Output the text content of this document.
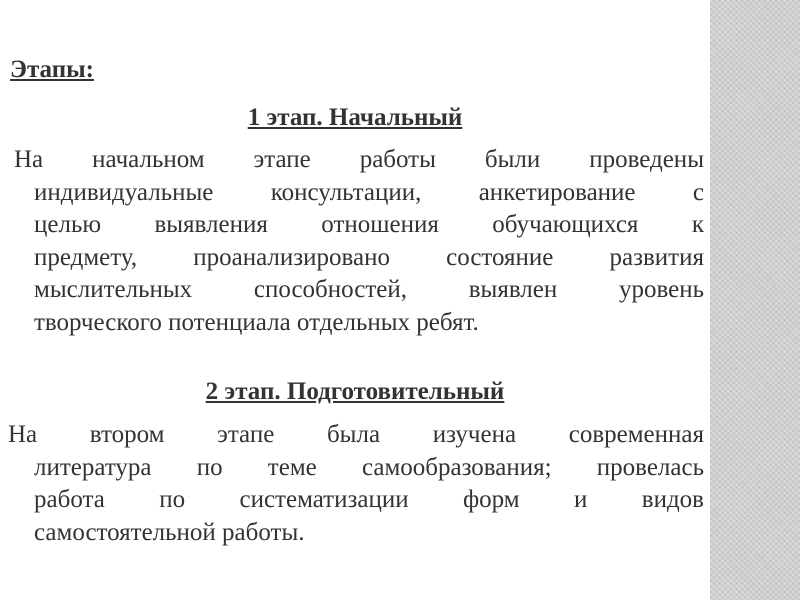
Этапы:
1 этап. Начальный
На начальном этапе работы были проведены
индивидуальные консультации, анкетирование с
целью выявления отношения обучающихся к
предмету, проанализировано состояние развития
мыслительных способностей, выявлен уровень
творческого потенциала отдельных ребят.
2 этап. Подготовительный
На втором этапе была изучена современная
литература по теме самообразования; провелась
работа по систематизации форм и видов
самостоятельной работы.
